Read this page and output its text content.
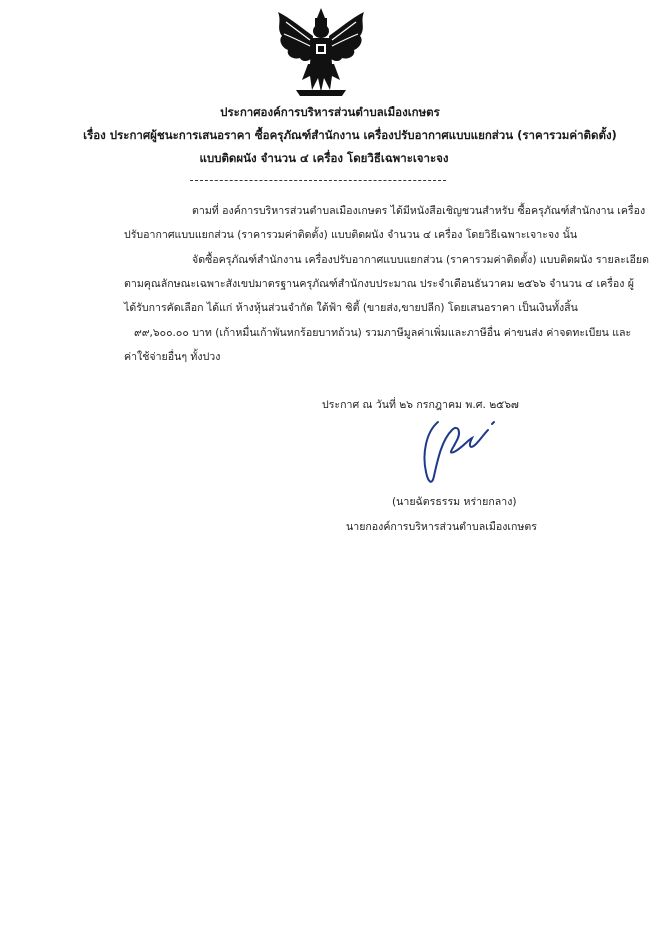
ประกาศองค์การบริหารส่วนตำบลเมืองเกษตร
เรื่อง ประกาศผู้ชนะการเสนอราคา ซื้อครุภัณฑ์สำนักงาน เครื่องปรับอากาศแบบแยกส่วน (ราคารวมค่าติดตั้ง)
แบบติดผนัง จำนวน ๔ เครื่อง โดยวิธีเฉพาะเจาะจง
ตามที่ องค์การบริหารส่วนตำบลเมืองเกษตร ได้มีหนังสือเชิญชวนสำหรับ ซื้อครุภัณฑ์สำนักงาน เครื่อง
ปรับอากาศแบบแยกส่วน (ราคารวมค่าติดตั้ง) แบบติดผนัง จำนวน ๔ เครื่อง โดยวิธีเฉพาะเจาะจง นั้น
จัดซื้อครุภัณฑ์สำนักงาน เครื่องปรับอากาศแบบแยกส่วน (ราคารวมค่าติดตั้ง) แบบติดผนัง รายละเอียด
ตามคุณลักษณะเฉพาะสังเขปมาตรฐานครุภัณฑ์สำนักงบประมาณ ประจำเดือนธันวาคม ๒๕๖๖ จำนวน ๔ เครื่อง ผู้
ได้รับการคัดเลือก ได้แก่ ห้างหุ้นส่วนจำกัด ใต้ฟ้า ซิตี้ (ขายส่ง,ขายปลีก) โดยเสนอราคา เป็นเงินทั้งสิ้น
๙๙,๖๐๐.๐๐ บาท (เก้าหมื่นเก้าพันหกร้อยบาทถ้วน) รวมภาษีมูลค่าเพิ่มและภาษีอื่น ค่าขนส่ง ค่าจดทะเบียน และ
ค่าใช้จ่ายอื่นๆ ทั้งปวง
ประกาศ ณ วันที่ ๒๖ กรกฎาคม พ.ศ. ๒๕๖๗
(นายฉัตรธรรม หร่ายกลาง)
นายกองค์การบริหารส่วนตำบลเมืองเกษตร
